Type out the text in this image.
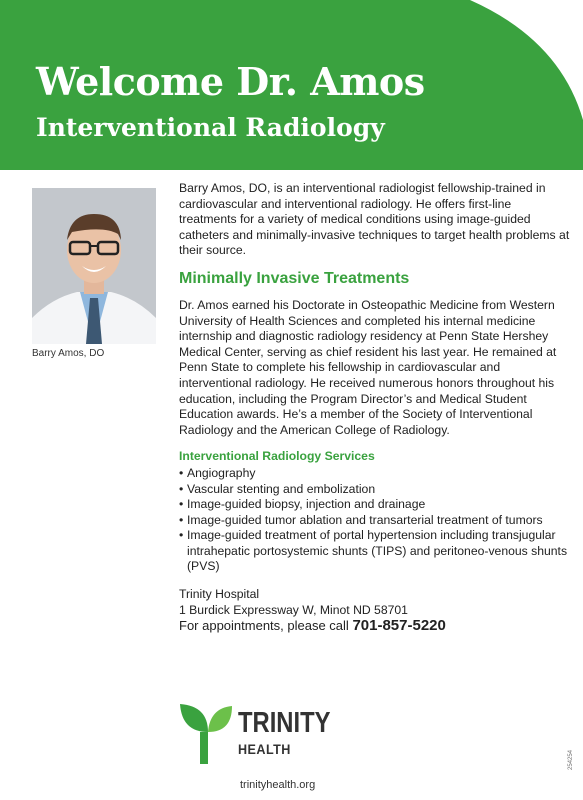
Welcome Dr. Amos
Interventional Radiology
Barry Amos, DO

Barry Amos, DO, is an interventional radiologist fellowship-trained in cardiovascular and interventional radiology. He offers first-line treatments for a variety of medical conditions using image-guided catheters and minimally-invasive techniques to target health problems at their source.

Minimally Invasive Treatments

Dr. Amos earned his Doctorate in Osteopathic Medicine from Western University of Health Sciences and completed his internal medicine internship and diagnostic radiology residency at Penn State Hershey Medical Center, serving as chief resident his last year. He remained at Penn State to complete his fellowship in cardiovascular and interventional radiology. He received numerous honors throughout his education, including the Program Director’s and Medical Student Education awards. He’s a member of the Society of Interventional Radiology and the American College of Radiology.

Interventional Radiology Services
• Angiography
• Vascular stenting and embolization
• Image-guided biopsy, injection and drainage
• Image-guided tumor ablation and transarterial treatment of tumors
• Image-guided treatment of portal hypertension including transjugular intrahepatic portosystemic shunts (TIPS) and peritoneo-venous shunts (PVS)
Trinity Hospital
1 Burdick Expressway W, Minot ND 58701
For appointments, please call 701-857-5220
TRINITY
HEALTH
trinityhealth.org
254254
